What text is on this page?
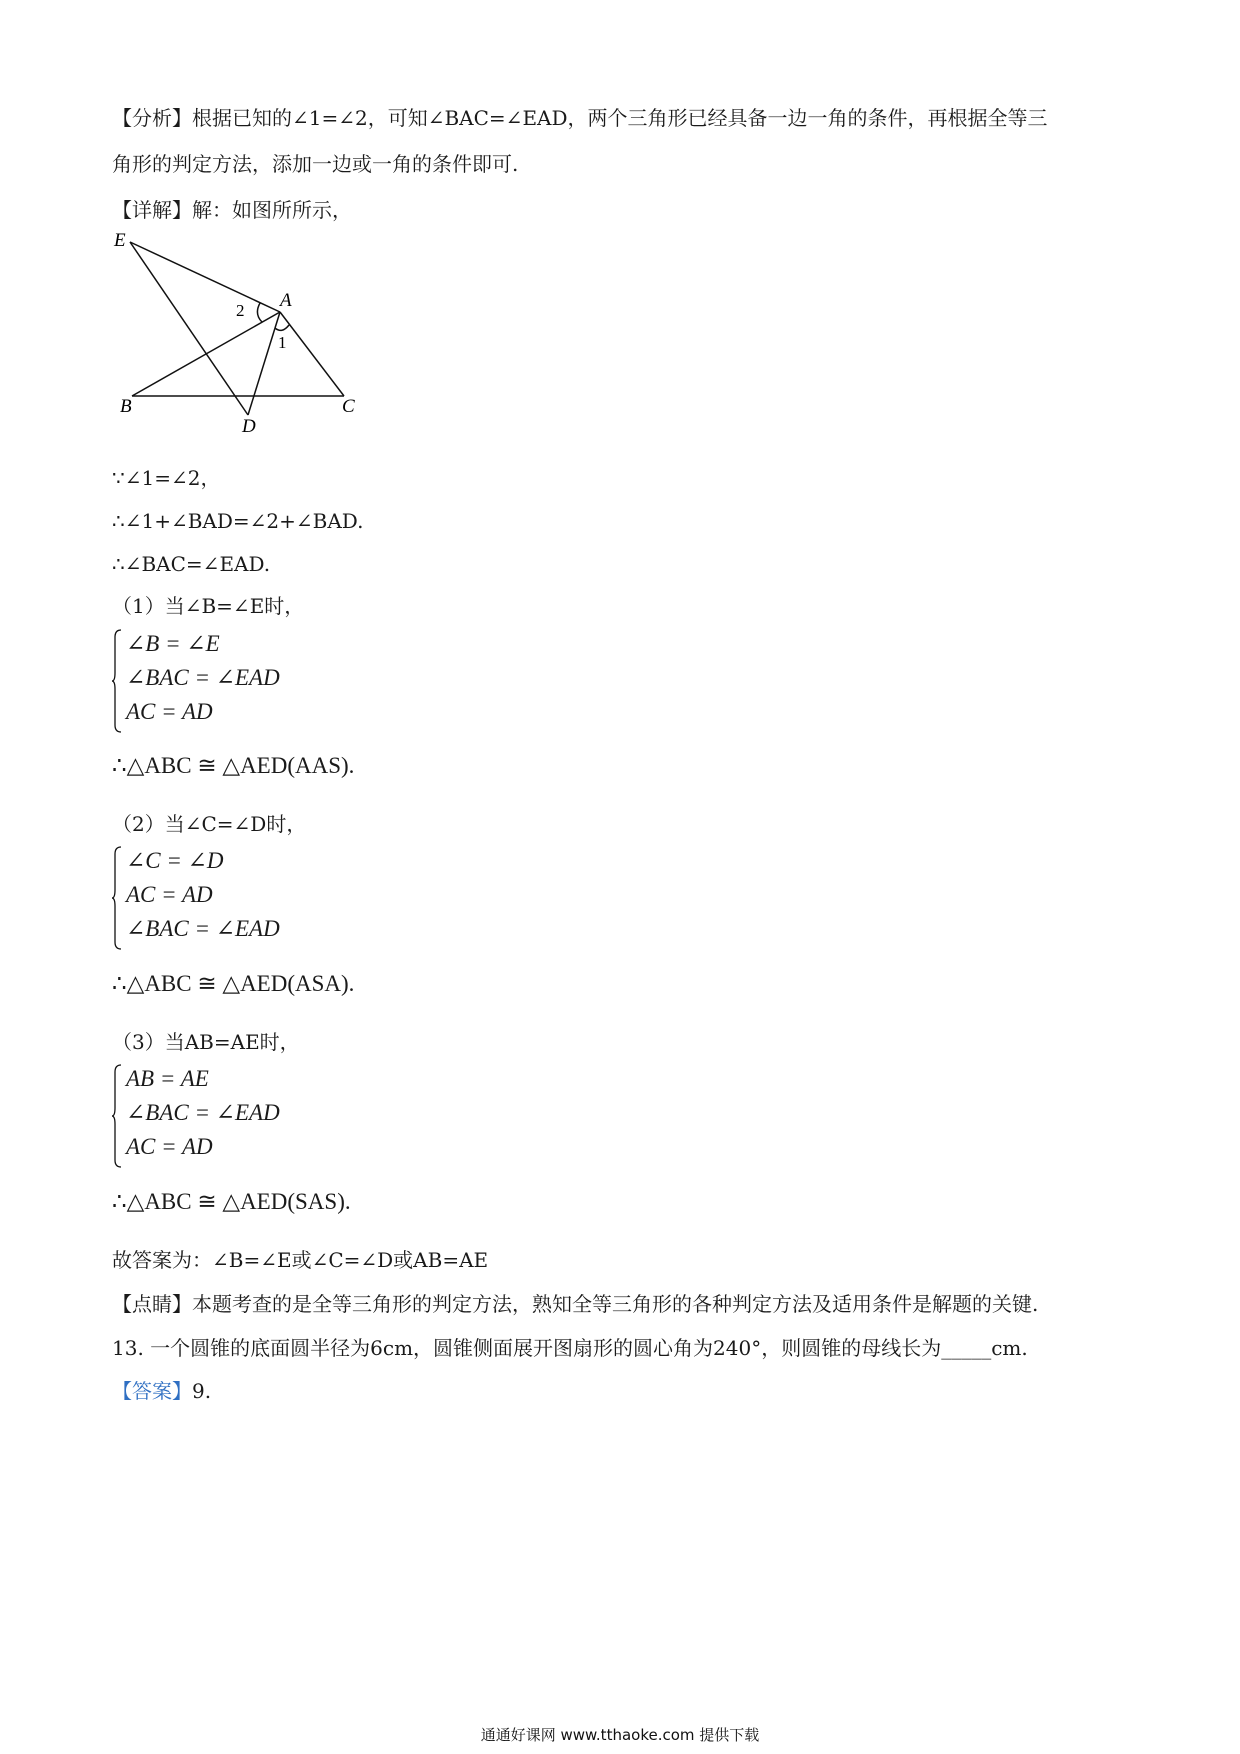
【分析】根据已知的∠1=∠2，可知∠BAC=∠EAD，两个三角形已经具备一边一角的条件，再根据全等三
角形的判定方法，添加一边或一角的条件即可.
【详解】解：如图所所示，
E
A
2
1
B	C
D
∵∠1=∠2，
∴∠1+∠BAD=∠2+∠BAD.
∴∠BAC=∠EAD.
（1）当∠B=∠E时，
∠B = ∠E
∠BAC = ∠EAD
AC = AD
∴△ABC ≅ △AED(AAS).
（2）当∠C=∠D时，
∠C = ∠D
AC = AD
∠BAC = ∠EAD
∴△ABC ≅ △AED(ASA).
（3）当AB=AE时，
AB = AE
∠BAC = ∠EAD
AC = AD
∴△ABC ≅ △AED(SAS).
故答案为：∠B=∠E或∠C=∠D或AB=AE
【点睛】本题考查的是全等三角形的判定方法，熟知全等三角形的各种判定方法及适用条件是解题的关键.
13. 一个圆锥的底面圆半径为6cm，圆锥侧面展开图扇形的圆心角为240°，则圆锥的母线长为_____cm.
【答案】9.
通通好课网 www.tthaoke.com 提供下载
